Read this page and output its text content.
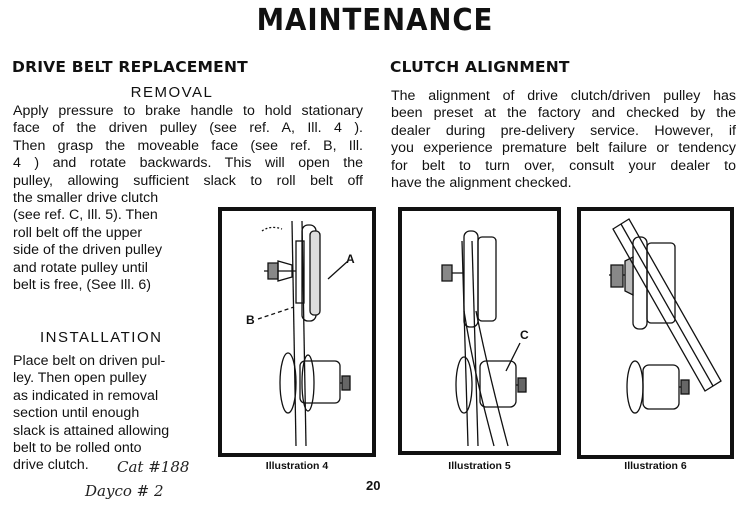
MAINTENANCE
DRIVE BELT REPLACEMENT
REMOVAL
Apply pressure to brake handle to hold stationary
face of the driven pulley (see ref. A, Ill. 4 ).
Then grasp the moveable face (see ref. B, Ill.
4 ) and rotate backwards. This will open the
pulley, allowing sufficient slack to roll belt off
the smaller drive clutch
(see ref. C, Ill. 5). Then
roll belt off the upper
side of the driven pulley
and rotate pulley until
belt is free, (See Ill. 6)
INSTALLATION
Place belt on driven pul-
ley. Then open pulley
as indicated in removal
section until enough
slack is attained allowing
belt to be rolled onto
drive clutch.	Cat #188
Dayco # 2
CLUTCH ALIGNMENT
The alignment of drive clutch/driven pulley has
been preset at the factory and checked by the
dealer during pre-delivery service. However, if
you experience premature belt failure or tendency
for belt to turn over, consult your dealer to
have the alignment checked.
A
B
Illustration 4
C
Illustration 5	Illustration 6
20
